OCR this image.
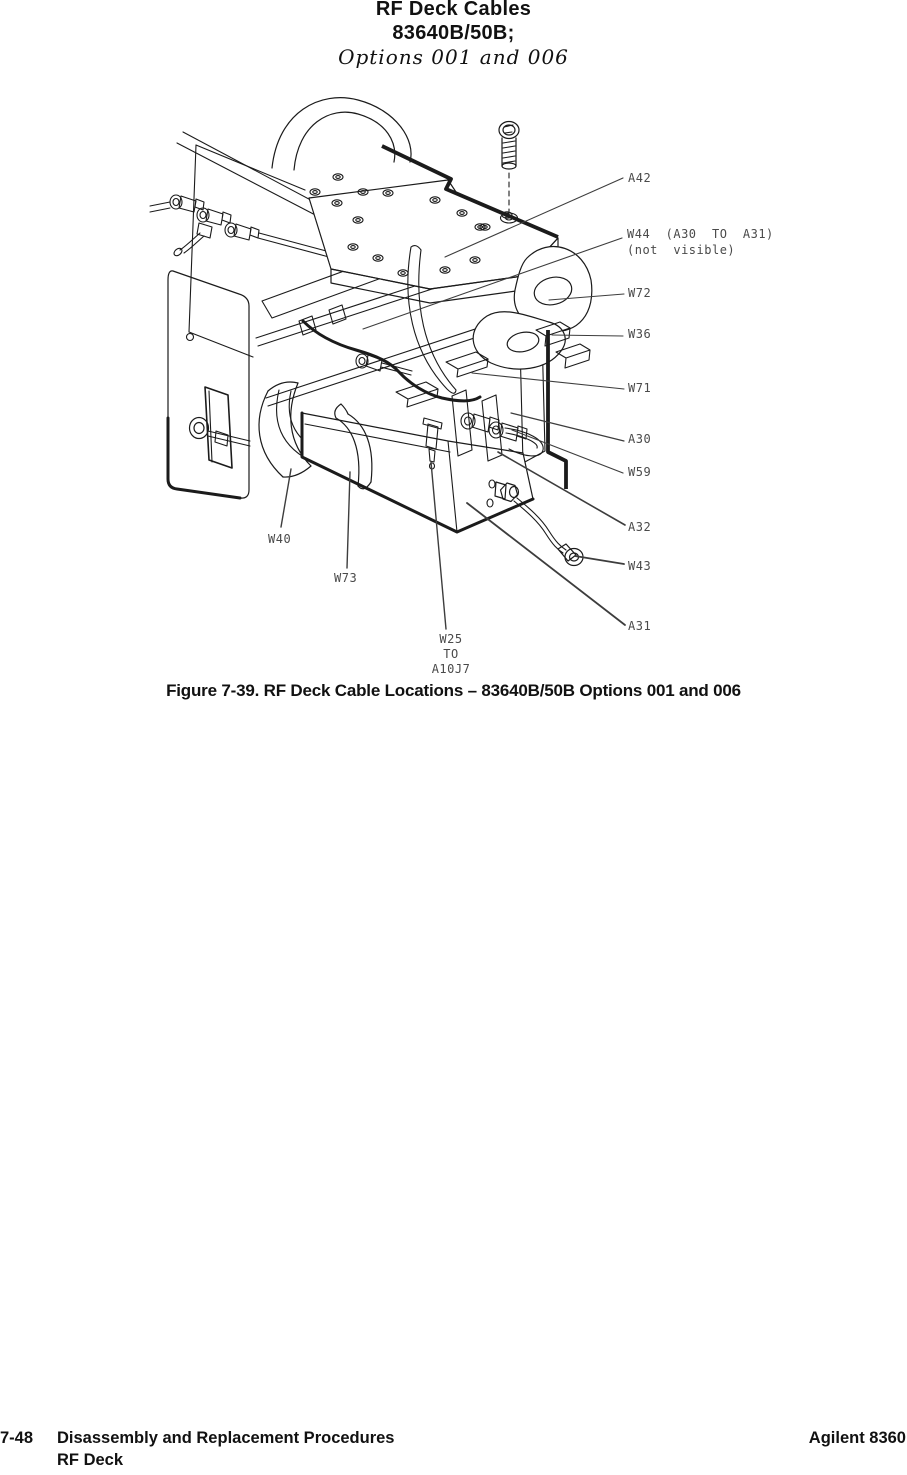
RF Deck Cables
83640B/50B;
Options 001 and 006
A42
W44  (A30  TO  A31) (not  visible)
W72
W36
W71
A30
W59
A32
W43
A31
W40
W73
W25 TO A10J7
Figure 7-39. RF Deck Cable Locations – 83640B/50B Options 001 and 006
7-48 Disassembly and Replacement Procedures
RF Deck
Agilent 8360
